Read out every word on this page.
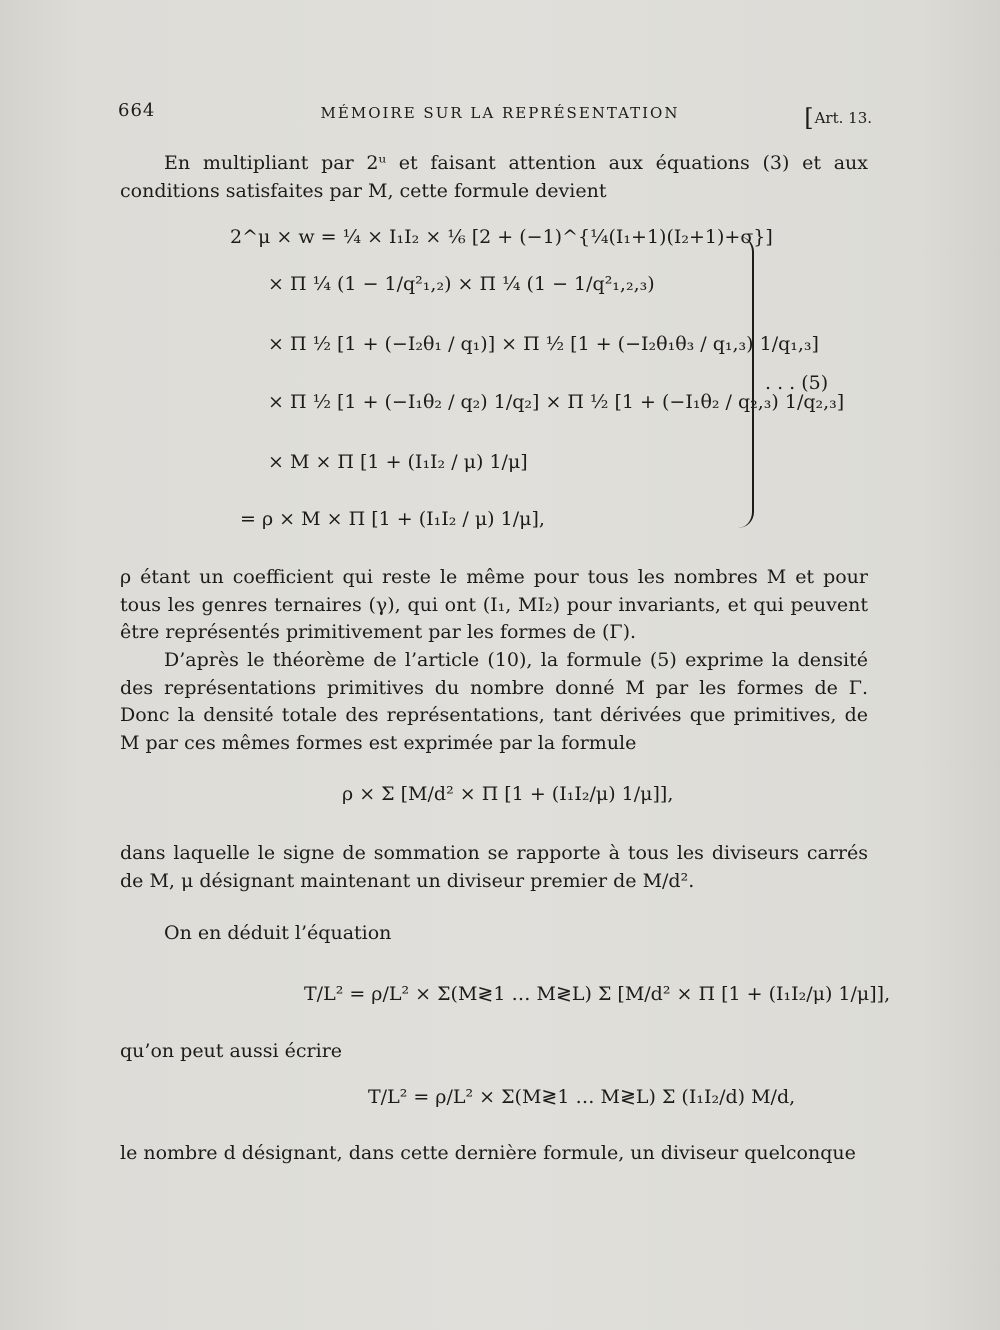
664	MÉMOIRE SUR LA REPRÉSENTATION	[Art. 13.
En multipliant par 2ᵘ et faisant attention aux équations (3) et aux conditions satisfaites par M, cette formule devient
2^μ × w = ¼ × I₁I₂ × ⅙ [2 + (−1)^{¼(I₁+1)(I₂+1)+σ}]
× Π ¼ (1 − 1/q²₁,₂) × Π ¼ (1 − 1/q²₁,₂,₃)
× Π ½ [1 + (−I₂θ₁ / q₁)] × Π ½ [1 + (−I₂θ₁θ₃ / q₁,₃) 1/q₁,₃]
× Π ½ [1 + (−I₁θ₂ / q₂) 1/q₂] × Π ½ [1 + (−I₁θ₂ / q₂,₃) 1/q₂,₃]
× M × Π [1 + (I₁I₂ / μ) 1/μ]
= ρ × M × Π [1 + (I₁I₂ / μ) 1/μ],
. . . (5)
ρ étant un coefficient qui reste le même pour tous les nombres M et pour tous les genres ternaires (γ), qui ont (I₁, MI₂) pour invariants, et qui peuvent être représentés primitivement par les formes de (Γ).
D’après le théorème de l’article (10), la formule (5) exprime la densité des représentations primitives du nombre donné M par les formes de Γ. Donc la densité totale des représentations, tant dérivées que primitives, de M par ces mêmes formes est exprimée par la formule
ρ × Σ [M/d² × Π [1 + (I₁I₂/μ) 1/μ]],
dans laquelle le signe de sommation se rapporte à tous les diviseurs carrés de M, μ désignant maintenant un diviseur premier de M/d².
On en déduit l’équation
T/L² = ρ/L² × Σ(M≷1 … M≷L) Σ [M/d² × Π [1 + (I₁I₂/μ) 1/μ]],
qu’on peut aussi écrire
T/L² = ρ/L² × Σ(M≷1 … M≷L) Σ (I₁I₂/d) M/d,
le nombre d désignant, dans cette dernière formule, un diviseur quelconque
